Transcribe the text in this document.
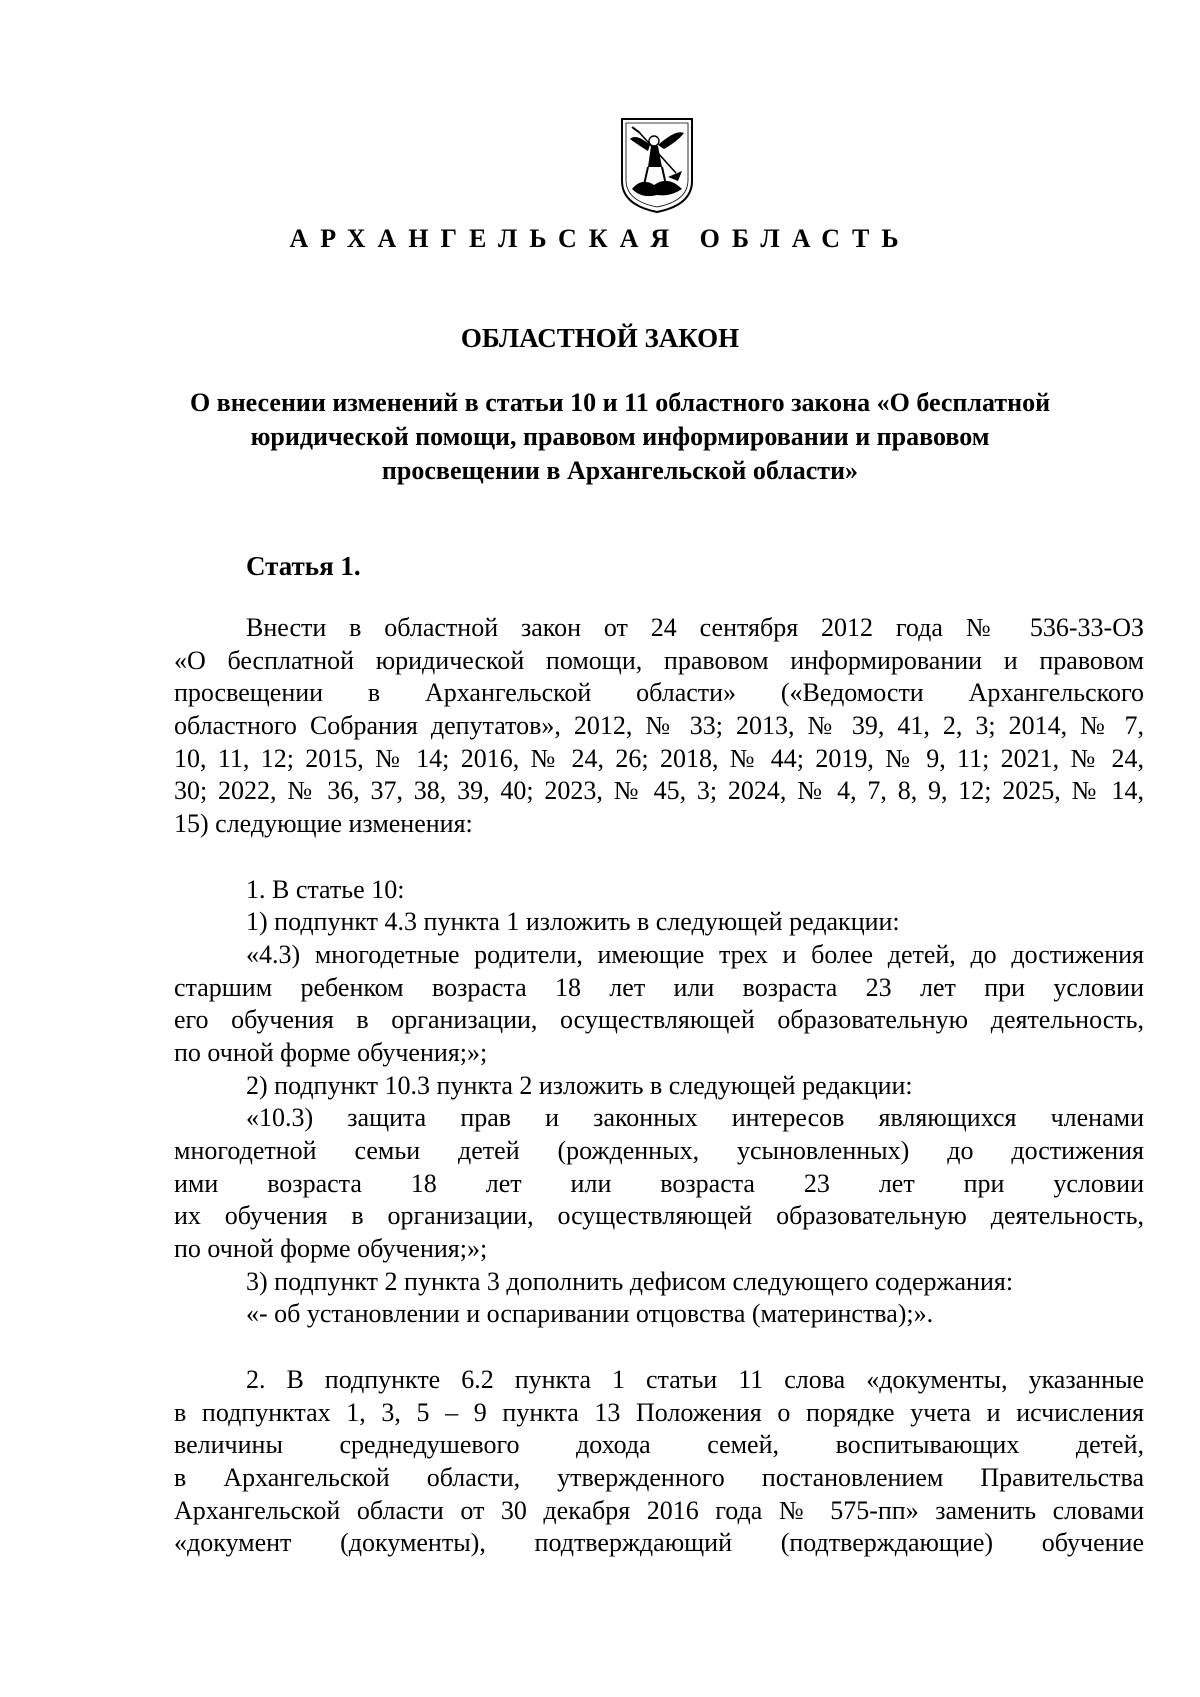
АРХАНГЕЛЬСКАЯ ОБЛАСТЬ
ОБЛАСТНОЙ ЗАКОН
О внесении изменений в статьи 10 и 11 областного закона «О бесплатной
юридической помощи, правовом информировании и правовом
просвещении в Архангельской области»
Статья 1.
Внести в областной закон от 24 сентября 2012 года № 536-33-ОЗ
«О бесплатной юридической помощи, правовом информировании и правовом
просвещении в Архангельской области» («Ведомости Архангельского
областного Собрания депутатов», 2012, № 33; 2013, № 39, 41, 2, 3; 2014, № 7,
10, 11, 12; 2015, № 14; 2016, № 24, 26; 2018, № 44; 2019, № 9, 11; 2021, № 24,
30; 2022, № 36, 37, 38, 39, 40; 2023, № 45, 3; 2024, № 4, 7, 8, 9, 12; 2025, № 14,
15) следующие изменения:
1. В статье 10:
1) подпункт 4.3 пункта 1 изложить в следующей редакции:
«4.3) многодетные родители, имеющие трех и более детей, до достижения
старшим ребенком возраста 18 лет или возраста 23 лет при условии
его обучения в организации, осуществляющей образовательную деятельность,
по очной форме обучения;»;
2) подпункт 10.3 пункта 2 изложить в следующей редакции:
«10.3) защита прав и законных интересов являющихся членами
многодетной семьи детей (рожденных, усыновленных) до достижения
ими возраста 18 лет или возраста 23 лет при условии
их обучения в организации, осуществляющей образовательную деятельность,
по очной форме обучения;»;
3) подпункт 2 пункта 3 дополнить дефисом следующего содержания:
«- об установлении и оспаривании отцовства (материнства);».
2. В подпункте 6.2 пункта 1 статьи 11 слова «документы, указанные
в подпунктах 1, 3, 5 – 9 пункта 13 Положения о порядке учета и исчисления
величины среднедушевого дохода семей, воспитывающих детей,
в Архангельской области, утвержденного постановлением Правительства
Архангельской области от 30 декабря 2016 года № 575-пп» заменить словами
«документ (документы), подтверждающий (подтверждающие) обучение
